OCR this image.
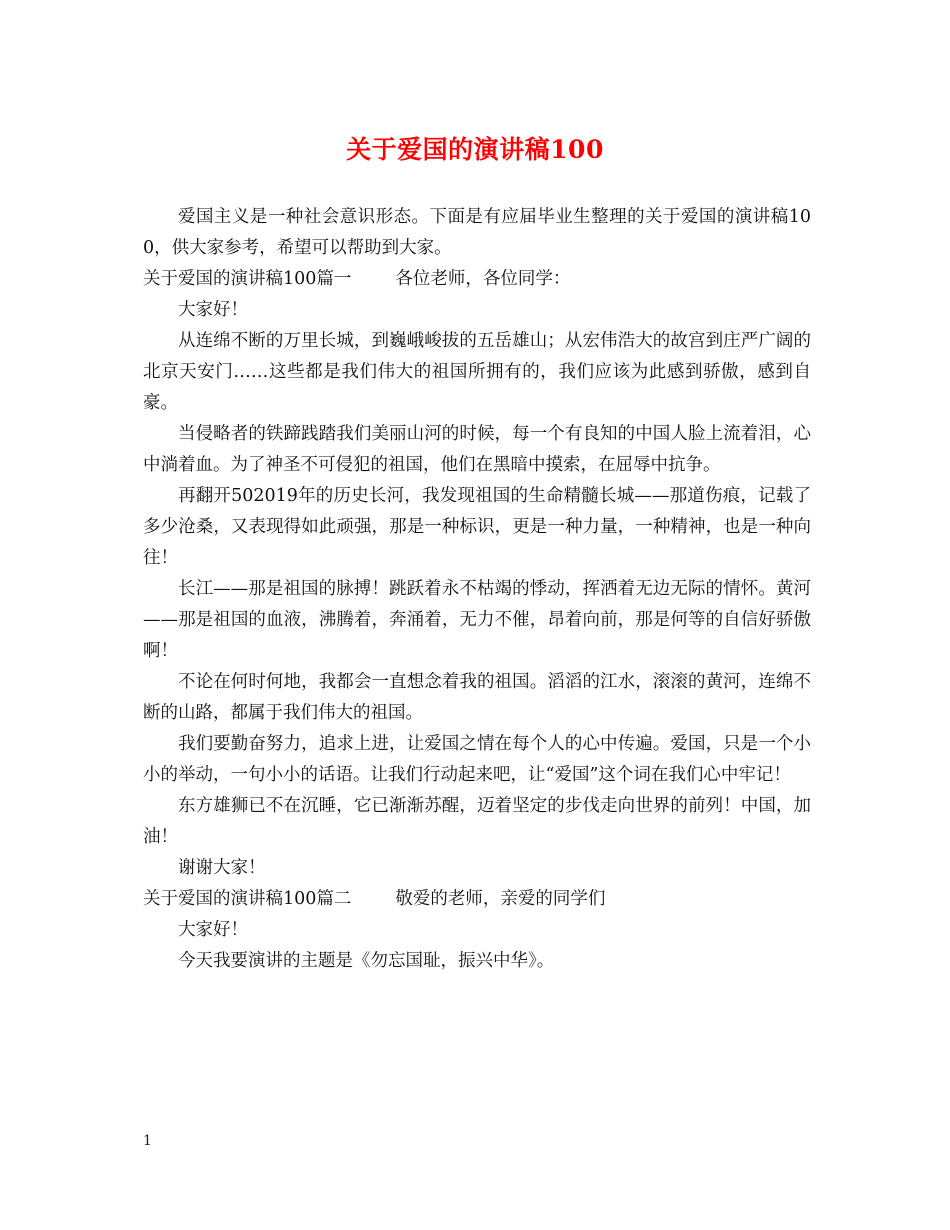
关于爱国的演讲稿100

爱国主义是一种社会意识形态。下面是有应届毕业生整理的关于爱国的演讲稿100，供大家参考，希望可以帮助到大家。

关于爱国的演讲稿100篇一	各位老师，各位同学：

大家好！

从连绵不断的万里长城，到巍峨峻拔的五岳雄山；从宏伟浩大的故宫到庄严广阔的北京天安门……这些都是我们伟大的祖国所拥有的，我们应该为此感到骄傲，感到自豪。

当侵略者的铁蹄践踏我们美丽山河的时候，每一个有良知的中国人脸上流着泪，心中淌着血。为了神圣不可侵犯的祖国，他们在黑暗中摸索，在屈辱中抗争。

再翻开502019年的历史长河，我发现祖国的生命精髓长城——那道伤痕，记载了多少沧桑，又表现得如此顽强，那是一种标识，更是一种力量，一种精神，也是一种向往！

长江——那是祖国的脉搏！跳跃着永不枯竭的悸动，挥洒着无边无际的情怀。黄河——那是祖国的血液，沸腾着，奔涌着，无力不催，昂着向前，那是何等的自信好骄傲啊！

不论在何时何地，我都会一直想念着我的祖国。滔滔的江水，滚滚的黄河，连绵不断的山路，都属于我们伟大的祖国。

我们要勤奋努力，追求上进，让爱国之情在每个人的心中传遍。爱国，只是一个小小的举动，一句小小的话语。让我们行动起来吧，让“爱国”这个词在我们心中牢记！

东方雄狮已不在沉睡，它已渐渐苏醒，迈着坚定的步伐走向世界的前列！中国，加油！

谢谢大家！

关于爱国的演讲稿100篇二	敬爱的老师，亲爱的同学们

大家好！

今天我要演讲的主题是《勿忘国耻，振兴中华》。

1
